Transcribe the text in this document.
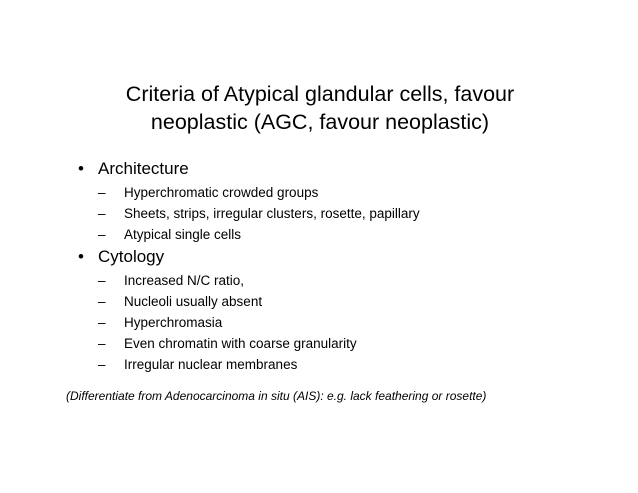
Criteria of Atypical glandular cells, favour
neoplastic (AGC, favour neoplastic)
• Architecture
– Hyperchromatic crowded groups
– Sheets, strips, irregular clusters, rosette, papillary
– Atypical single cells
• Cytology
– Increased N/C ratio,
– Nucleoli usually absent
– Hyperchromasia
– Even chromatin with coarse granularity
– Irregular nuclear membranes
(Differentiate from Adenocarcinoma in situ (AIS): e.g. lack feathering or rosette)
